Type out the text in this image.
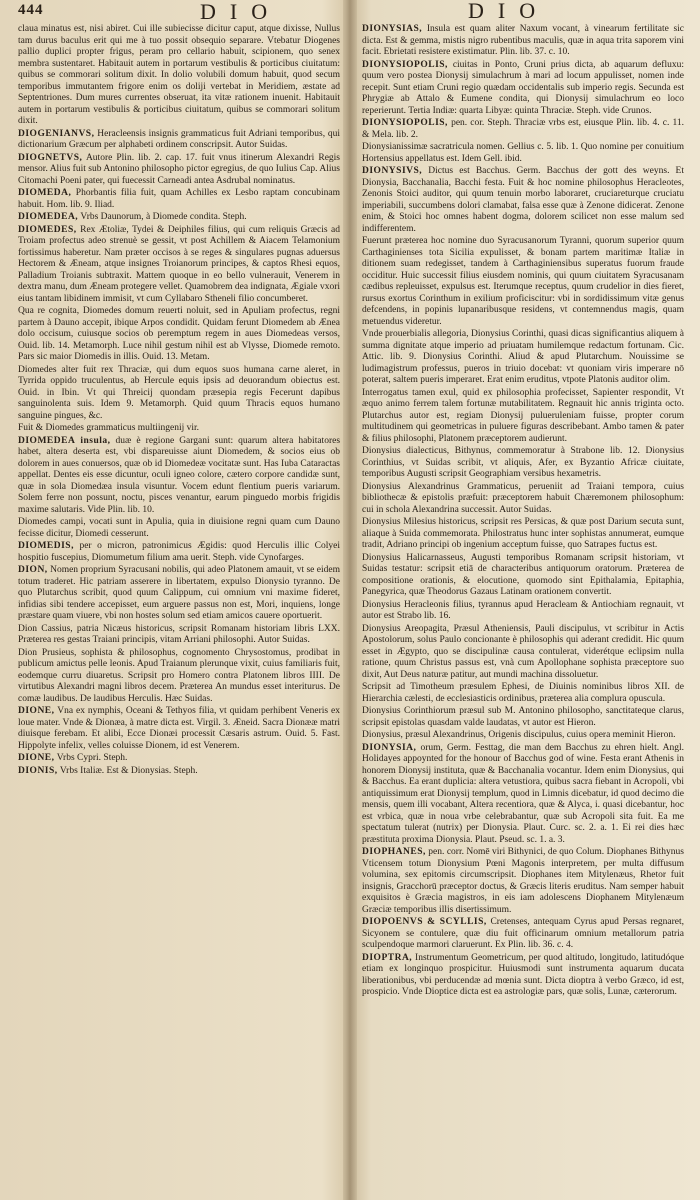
444	DIO	DIO

claua minatus est, nisi abiret. Cui ille subiecisse dicitur caput, atque dixisse, Nullus tam durus baculus erit qui me à tuo possit obsequio separare. Vtebatur Diogenes pallio duplici propter frigus, peram pro cellario habuit, scipionem, quo senex membra sustentaret. Habitauit autem in portarum vestibulis & porticibus ciuitatum: quibus se commorari solitum dixit. In dolio volubili domum habuit, quod secum temporibus immutantem frigore enim os doliji vertebat in Meridiem, æstate ad Septentriones. Dum mures currentes obseruat, ita vitæ rationem inuenit. Habitauit autem in portarum vestibulis & porticibus ciuitatum, quibus se commorari solitum dixit.

DIOGENIANVS, Heracleensis insignis grammaticus fuit Adriani temporibus, qui dictionarium Græcum per alphabeti ordinem conscripsit. Autor Suidas.

DIOGNETVS, Autore Plin. lib. 2. cap. 17. fuit vnus itinerum Alexandri Regis mensor. Alius fuit sub Antonino philosopho pictor egregius, de quo Iulius Cap. Alius Citomachi Poeni pater, qui fuecessit Carneadi antea Asdrubal nominatus.

DIOMEDA, Phorbantis filia fuit, quam Achilles ex Lesbo raptam concubinam habuit. Hom. lib. 9. Iliad.

DIOMEDEA, Vrbs Daunorum, à Diomede condita. Steph.

DIOMEDES, Rex Ætoliæ, Tydei & Deiphiles filius, qui cum reliquis Græcis ad Troiam profectus adeo strenuè se gessit, vt post Achillem & Aiacem Telamonium fortissimus haberetur. Nam præter occisos à se reges & singulares pugnas aduersus Hectorem & Æneam, atque insignes Troianorum principes, & captos Rhesi equos, Palladium Troianis subtraxit. Mattem quoque in eo bello vulnerauit, Venerem in dextra manu, dum Æneam protegere vellet. Quamobrem dea indignata, Ægiale vxori eius tantam libidinem immisit, vt cum Cyllabaro Stheneli filio concumberet.

Qua re cognita, Diomedes domum reuerti noluit, sed in Apuliam profectus, regni partem à Dauno accepit, ibique Arpos condidit. Quidam ferunt Diomedem ab Ænea dolo occisum, cuiusque socios ob peremptum regem in aues Diomedeas versos, Ouid. lib. 14. Metamorph. Luce nihil gestum nihil est ab Vlysse, Diomede remoto. Pars sic maior Diomedis in illis. Ouid. 13. Metam.

Diomedes alter fuit rex Thraciæ, qui dum equos suos humana carne aleret, in Tyrrida oppido truculentus, ab Hercule equis ipsis ad deuorandum obiectus est. Ouid. in Ibin. Vt qui Threicij quondam præsepia regis Fecerunt dapibus sanguinolenta suis. Idem 9. Metamorph. Quid quum Thracis equos humano sanguine pingues, &c.

Fuit & Diomedes grammaticus multiingenij vir.

DIOMEDEA insula, duæ è regione Gargani sunt: quarum altera habitatores habet, altera deserta est, vbi dispareuisse aiunt Diomedem, & socios eius ob dolorem in aues conuersos, quæ ob id Diomedeæ vocitatæ sunt. Has Iuba Cataractas appellat. Dentes eis esse dicuntur, oculi igneo colore, cætero corpore candidæ sunt, quæ in sola Diomedæa insula visuntur. Vocem edunt flentium pueris variarum. Solem ferre non possunt, noctu, pisces venantur, earum pinguedo morbis frigidis maxime salutaris. Vide Plin. lib. 10.

Diomedes campi, vocati sunt in Apulia, quia in diuisione regni quam cum Dauno fecisse dicitur, Diomedi cesserunt.

DIOMEDIS, per o micron, patronimicus Ægidis: quod Herculis illic Colyei hospitio fuscepius, Diomumetum filium ama uerit. Steph. vide Cynofarges.

DION, Nomen proprium Syracusani nobilis, qui adeo Platonem amauit, vt se eidem totum traderet. Hic patriam asserere in libertatem, expulso Dionysio tyranno. De quo Plutarchus scribit, quod quum Calippum, cui omnium vni maxime fideret, infidias sibi tendere accepisset, eum arguere passus non est, Mori, inquiens, longe præstare quam viuere, vbi non hostes solum sed etiam amicos cauere oportuerit.

Dion Cassius, patria Nicæus historicus, scripsit Romanam historiam libris LXX. Præterea res gestas Traiani principis, vitam Arriani philosophi. Autor Suidas.

Dion Prusieus, sophista & philosophus, cognomento Chrysostomus, prodibat in publicum amictus pelle leonis. Apud Traianum plerunque vixit, cuius familiaris fuit, eodemque curru diuaretus. Scripsit pro Homero contra Platonem libros IIII. De virtutibus Alexandri magni libros decem. Præterea An mundus esset interiturus. De comæ laudibus. De laudibus Herculis. Hæc Suidas.

DIONE, Vna ex nymphis, Oceani & Tethyos filia, vt quidam perhibent Veneris ex loue mater. Vnde & Dionæa, à matre dicta est. Virgil. 3. Æneid. Sacra Dionææ matri diuisque ferebam. Et alibi, Ecce Dionæi processit Cæsaris astrum. Ouid. 5. Fast. Hippolyte infelix, velles coluisse Dionem, id est Venerem.

DIONE, Vrbs Cypri. Steph.

DIONIS, Vrbs Italiæ. Est & Dionysias. Steph.

DIONYSIAS, Insula est quam aliter Naxum vocant, à vinearum fertilitate sic dicta. Est & gemma, mistis nigro rubentibus maculis, quæ in aqua trita saporem vini facit. Ebrietati resistere existimatur. Plin. lib. 37. c. 10.

DIONYSIOPOLIS, ciuitas in Ponto, Cruni prius dicta, ab aquarum defluxu: quum vero postea Dionysij simulachrum à mari ad locum appulisset, nomen inde recepit. Sunt etiam Cruni regio quædam occidentalis sub imperio regis. Secunda est Phrygiæ ab Attalo & Eumene condita, qui Dionysij simulachrum eo loco reperierunt. Tertia Indiæ: quarta Libyæ: quinta Thraciæ. Steph. vide Crunos.

DIONYSIOPOLIS, pen. cor. Steph. Thraciæ vrbs est, eiusque Plin. lib. 4. c. 11. & Mela. lib. 2.

Dionysianissimæ sacratricula nomen. Gellius c. 5. lib. 1. Quo nomine per conuitium Hortensius appellatus est. Idem Gell. ibid.

DIONYSIVS, Dictus est Bacchus. Germ. Bacchus der gott des weyns. Et Dionysia, Bacchanalia, Bacchi festa. Fuit & hoc nomine philosophus Heracleotes, Zenonis Stoici auditor, qui quum tenuin morbo laboraret, cruciareturque cruciatu imperiabili, succumbens dolori clamabat, falsa esse quæ à Zenone didicerat. Zenone enim, & Stoici hoc omnes habent dogma, dolorem scilicet non esse malum sed indifferentem.

Fuerunt præterea hoc nomine duo Syracusanorum Tyranni, quorum superior quum Carthaginienses tota Sicilia expulisset, & bonam partem maritimæ Italiæ in ditionem suam redegisset, tandem à Carthaginiensibus superatus fuorum fraude occiditur. Huic successit filius eiusdem nominis, qui quum ciuitatem Syracusanam cædibus repleuisset, expulsus est. Iterumque receptus, quum crudelior in dies fieret, rursus exortus Corinthum in exilium proficiscitur: vbi in sordidissimum vitæ genus defcendens, in popinis lupanaribusque residens, vt contemnendus magis, quam metuendus videretur.

Vnde prouerbialis allegoria, Dionysius Corinthi, quasi dicas significantius aliquem à summa dignitate atque imperio ad priuatam humilemque redactum fortunam. Cic. Attic. lib. 9. Dionysius Corinthi. Aliud & apud Plutarchum. Nouissime se ludimagistrum professus, pueros in triuio docebat: vt quoniam viris imperare nō poterat, saltem pueris imperaret. Erat enim eruditus, vtpote Platonis auditor olim.

Interrogatus tamen exul, quid ex philosophia profecisset, Sapienter respondit, Vt æquo animo ferrem talem fortunæ mutabilitatem. Regnauit hic annis triginta octo. Plutarchus autor est, regiam Dionysij pulueruleniam fuisse, propter corum multitudinem qui geometricas in puluere figuras describebant. Ambo tamen & pater & filius philosophi, Platonem præceptorem audierunt.

Dionysius dialecticus, Bithynus, commemoratur à Strabone lib. 12. Dionysius Corinthius, vt Suidas scribit, vt aliquis, Afer, ex Byzantio Africæ ciuitate, temporibus Augusti scripsit Geographiam versibus hexametris.

Dionysius Alexandrinus Grammaticus, perueniit ad Traiani tempora, cuius bibliothecæ & epistolis præfuit: præceptorem habuit Chæremonem philosophum: cui in schola Alexandrina successit. Autor Suidas.

Dionysius Milesius historicus, scripsit res Persicas, & quæ post Darium secuta sunt, aliaque à Suida commemorata. Philostratus hunc inter sophistas annumerat, eumque tradit, Adriano principi ob ingenium acceptum fuisse, quo Satrapes fuctus est.

Dionysius Halicarnasseus, Augusti temporibus Romanam scripsit historiam, vt Suidas testatur: scripsit etiā de characteribus antiquorum oratorum. Præterea de compositione orationis, & elocutione, quomodo sint Epithalamia, Epitaphia, Panegyrica, quæ Theodorus Gazaus Latinam orationem convertit.

Dionysius Heracleonis filius, tyrannus apud Heracleam & Antiochiam regnauit, vt autor est Strabo lib. 16.

Dionysius Areopagita, Præsul Atheniensis, Pauli discipulus, vt scribitur in Actis Apostolorum, solus Paulo concionante è philosophis qui aderant credidit. Hic quum esset in Ægypto, quo se discipulinæ causa contulerat, viderétque eclipsim nulla ratione, quum Christus passus est, vnà cum Apollophane sophista præceptore suo dixit, Aut Deus naturæ patitur, aut mundi machina dissoluetur.

Scripsit ad Timotheum præsulem Ephesi, de Diuinis nominibus libros XII. de Hierarchia cælesti, de ecclesiasticis ordinibus, præterea alia complura opuscula.

Dionysius Corinthiorum præsul sub M. Antonino philosopho, sanctitateque clarus, scripsit epistolas quasdam valde laudatas, vt autor est Hieron.

Dionysius, præsul Alexandrinus, Origenis discipulus, cuius opera meminit Hieron.

DIONYSIA, orum, Germ. Festtag, die man dem Bacchus zu ehren hielt. Angl. Holidayes appoynted for the honour of Bacchus god of wine. Festa erant Athenis in honorem Dionysij instituta, quæ & Bacchanalia vocantur. Idem enim Dionysius, qui & Bacchus. Ea erant duplicia: altera vetustiora, quibus sacra fiebant in Acropoli, vbi antiquissimum erat Dionysij templum, quod in Limnis dicebatur, id quod decimo die mensis, quem illi vocabant, Altera recentiora, quæ & Alyca, i. quasi dicebantur, hoc est vrbica, quæ in noua vrbe celebrabantur, quæ sub Acropoli sita fuit. Ea me spectatum tulerat (nutrix) per Dionysia. Plaut. Curc. sc. 2. a. 1. Ei rei dies hæc præstituta proxima Dionysia. Plaut. Pseud. sc. 1. a. 3.

DIOPHANES, pen. corr. Nomē viri Bithynici, de quo Colum. Diophanes Bithynus Vticensem totum Dionysium Pœni Magonis interpretem, per multa diffusum volumina, sex epitomis circumscripsit. Diophanes item Mitylenæus, Rhetor fuit insignis, Gracchorū præceptor doctus, & Græcis literis eruditus. Nam semper habuit exquisitos è Græcia magistros, in eis iam adolescens Diophanem Mitylenæum Græciæ temporibus illis disertissimum.

DIOPOENVS & SCYLLIS, Cretenses, antequam Cyrus apud Persas regnaret, Sicyonem se contulere, quæ diu fuit officinarum omnium metallorum patria sculpendoque marmori claruerunt. Ex Plin. lib. 36. c. 4.

DIOPTRA, Instrumentum Geometricum, per quod altitudo, longitudo, latitudóque etiam ex longinquo prospicitur. Huiusmodi sunt instrumenta aquarum ducata liberationibus, vbi perducendæ ad mœnia sunt. Dicta dioptra à verbo Græco, id est, prospicio. Vnde Dioptice dicta est ea astrologiæ pars, quæ solis, Lunæ, cæterorum.
